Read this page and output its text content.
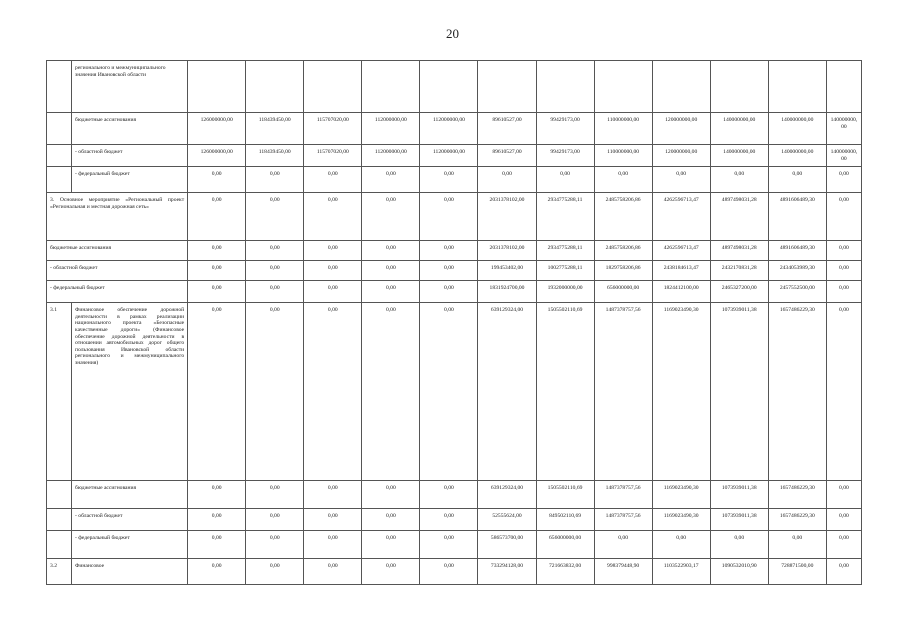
20
	регионального и межмуниципального значения Ивановской области												
	бюджетные ассигнования	126000000,00	118439450,00	115707020,00	112000000,00	112000000,00	89610527,00	99429173,00	110000000,00	120000000,00	140000000,00	140000000,00	140000000,00
	- областной бюджет	126000000,00	118439450,00	115707020,00	112000000,00	112000000,00	89610527,00	99429173,00	110000000,00	120000000,00	140000000,00	140000000,00	140000000,00
	- федеральный бюджет	0,00	0,00	0,00	0,00	0,00	0,00	0,00	0,00	0,00	0,00	0,00	0,00
3. Основное мероприятие «Региональный проект «Региональная и местная дорожная сеть»		0,00	0,00	0,00	0,00	0,00	2031378102,00	2934775288,11	2485758206,86	4262596713,47	4897498031,28	4891606489,30	0,00
бюджетные ассигнования		0,00	0,00	0,00	0,00	0,00	2031378102,00	2934775288,11	2485758206,86	4262596713,47	4897498031,28	4891606489,30	0,00
- областной бюджет		0,00	0,00	0,00	0,00	0,00	199453402,00	1002775288,11	1829758206,86	2438184613,47	2432170831,28	2434053989,30	0,00
- федеральный бюджет		0,00	0,00	0,00	0,00	0,00	1831924700,00	1932000000,00	656000000,00	1824412100,00	2465327200,00	2457552500,00	0,00
3.1	Финансовое обеспечение дорожной деятельности в рамках реализации национального проекта «Безопасные качественные дороги» (Финансовое обеспечение дорожной деятельности в отношении автомобильных дорог общего пользования Ивановской области регионального и межмуниципального значения)	0,00	0,00	0,00	0,00	0,00	639129324,00	1505502110,69	1487378757,56	1169023490,30	1073939011,38	1657486229,30	0,00
	бюджетные ассигнования	0,00	0,00	0,00	0,00	0,00	639129324,00	1505502110,69	1487378757,56	1169023490,30	1073939011,38	1657486229,30	0,00
	- областной бюджет	0,00	0,00	0,00	0,00	0,00	52555624,00	849502110,69	1487378757,56	1169023490,30	1073939011,38	1657486229,30	0,00
	- федеральный бюджет	0,00	0,00	0,00	0,00	0,00	586573700,00	656000000,00	0,00	0,00	0,00	0,00	0,00
3.2	Финансовое	0,00	0,00	0,00	0,00	0,00	733294128,00	721663832,00	998379448,90	1103522903,17	1090532010,90	728871500,00	0,00
